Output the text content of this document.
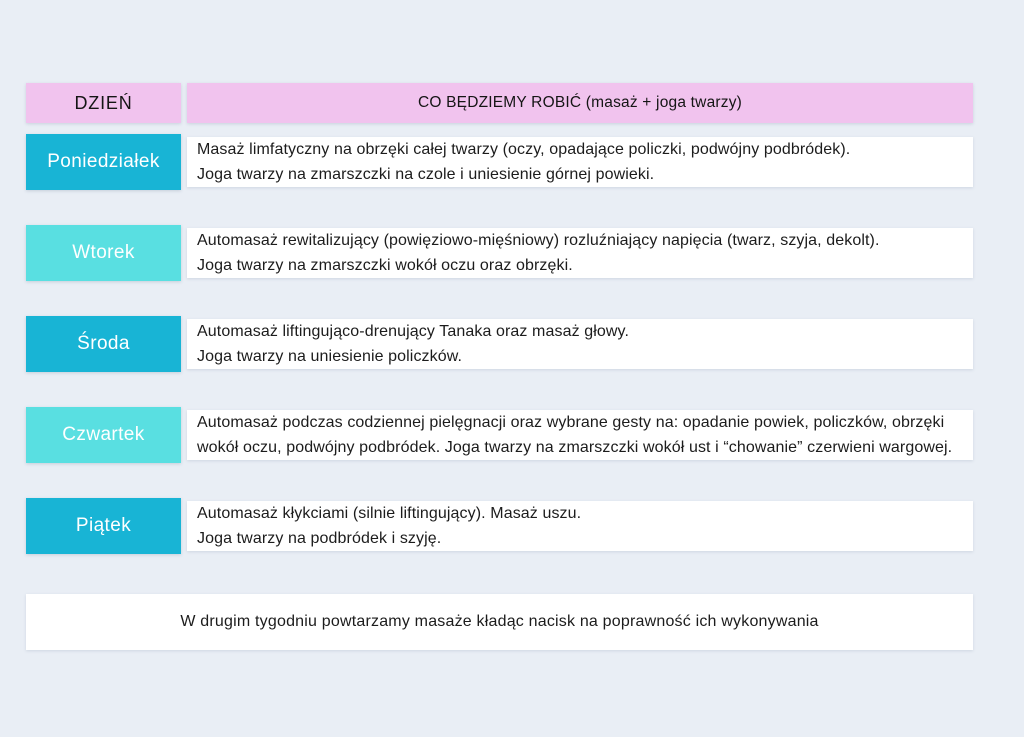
DZIEŃ	CO BĘDZIEMY ROBIĆ (masaż + joga twarzy)
Poniedziałek
Masaż limfatyczny na obrzęki całej twarzy (oczy, opadające policzki, podwójny podbródek).
Joga twarzy na zmarszczki na czole i uniesienie górnej powieki.
Wtorek
Automasaż rewitalizujący (powięziowo-mięśniowy) rozluźniający napięcia (twarz, szyja, dekolt).
Joga twarzy na zmarszczki wokół oczu oraz obrzęki.
Środa
Automasaż liftingująco-drenujący Tanaka oraz masaż głowy.
Joga twarzy na uniesienie policzków.
Czwartek
Automasaż podczas codziennej pielęgnacji oraz wybrane gesty na: opadanie powiek, policzków, obrzęki wokół oczu, podwójny podbródek. Joga twarzy na zmarszczki wokół ust i “chowanie” czerwieni wargowej.
Piątek
Automasaż kłykciami (silnie liftingujący). Masaż uszu.
Joga twarzy na podbródek i szyję.
W drugim tygodniu powtarzamy masaże kładąc nacisk na poprawność ich wykonywania
